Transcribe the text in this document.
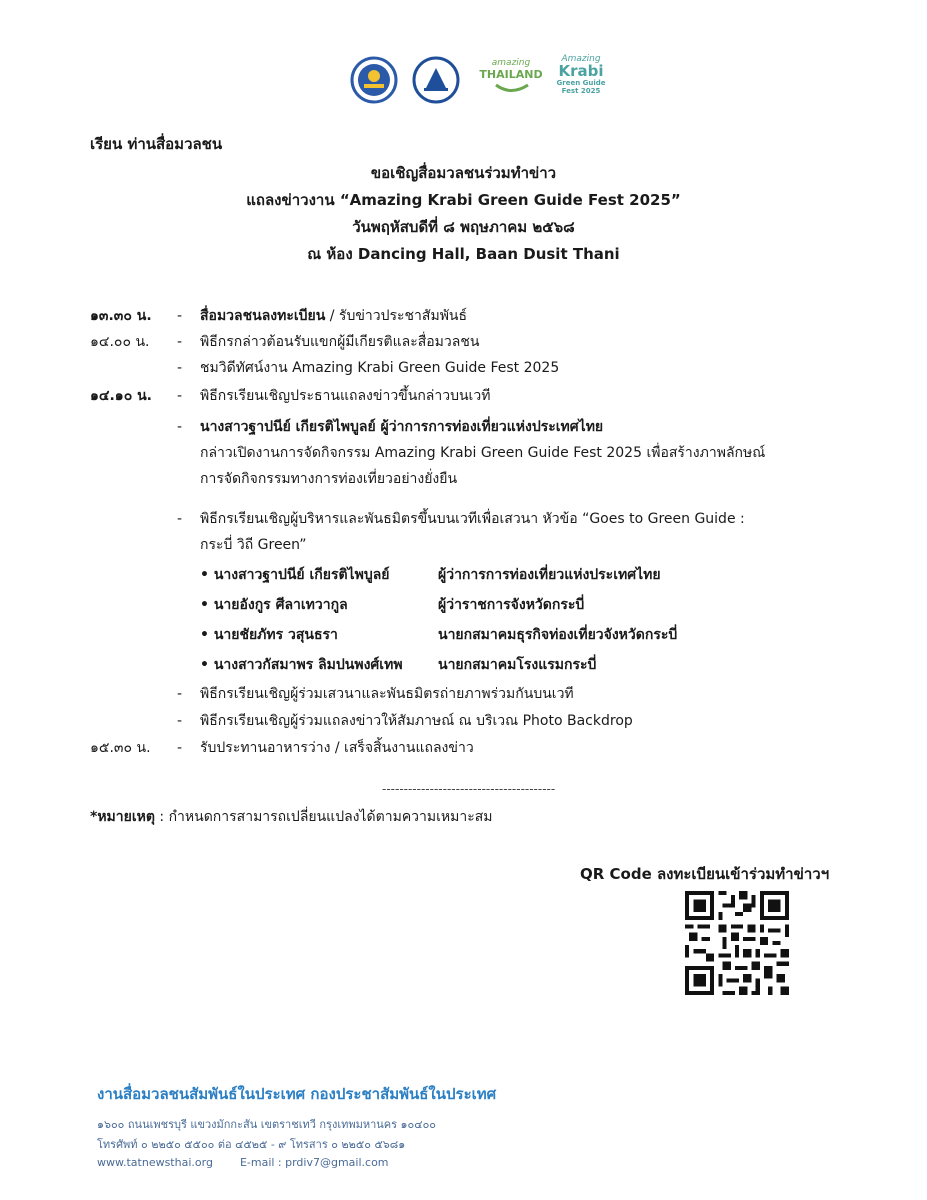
amazing
THAILAND
Amazing
Krabi
Green Guide
Fest 2025
เรียน ท่านสื่อมวลชน
ขอเชิญสื่อมวลชนร่วมทำข่าว
แถลงข่าวงาน “Amazing Krabi Green Guide Fest 2025”
วันพฤหัสบดีที่ ๘ พฤษภาคม ๒๕๖๘
ณ ห้อง Dancing Hall, Baan Dusit Thani
๑๓.๓๐ น. - สื่อมวลชนลงทะเบียน / รับข่าวประชาสัมพันธ์
๑๔.๐๐ น. - พิธีกรกล่าวต้อนรับแขกผู้มีเกียรติและสื่อมวลชน
- ชมวิดีทัศน์งาน Amazing Krabi Green Guide Fest 2025
๑๔.๑๐ น. - พิธีกรเรียนเชิญประธานแถลงข่าวขึ้นกล่าวบนเวที
- นางสาวฐาปนีย์ เกียรติไพบูลย์ ผู้ว่าการการท่องเที่ยวแห่งประเทศไทย
กล่าวเปิดงานการจัดกิจกรรม Amazing Krabi Green Guide Fest 2025 เพื่อสร้างภาพลักษณ์
การจัดกิจกรรมทางการท่องเที่ยวอย่างยั่งยืน
- พิธีกรเรียนเชิญผู้บริหารและพันธมิตรขึ้นบนเวทีเพื่อเสวนา หัวข้อ “Goes to Green Guide :
กระบี่ วิถี Green”
• นางสาวฐาปนีย์ เกียรติไพบูลย์	ผู้ว่าการการท่องเที่ยวแห่งประเทศไทย
• นายอังกูร ศีลาเทวากูล	ผู้ว่าราชการจังหวัดกระบี่
• นายชัยภัทร วสุนธรา	นายกสมาคมธุรกิจท่องเที่ยวจังหวัดกระบี่
• นางสาวกัสมาพร ลิมปนพงศ์เทพ	นายกสมาคมโรงแรมกระบี่
- พิธีกรเรียนเชิญผู้ร่วมเสวนาและพันธมิตรถ่ายภาพร่วมกันบนเวที
- พิธีกรเรียนเชิญผู้ร่วมแถลงข่าวให้สัมภาษณ์ ณ บริเวณ Photo Backdrop
๑๕.๓๐ น. - รับประทานอาหารว่าง / เสร็จสิ้นงานแถลงข่าว
----------------------------------------
*หมายเหตุ : กำหนดการสามารถเปลี่ยนแปลงได้ตามความเหมาะสม
QR Code ลงทะเบียนเข้าร่วมทำข่าวฯ
งานสื่อมวลชนสัมพันธ์ในประเทศ กองประชาสัมพันธ์ในประเทศ
๑๖๐๐ ถนนเพชรบุรี แขวงมักกะสัน เขตราชเทวี กรุงเทพมหานคร ๑๐๔๐๐
โทรศัพท์ ๐ ๒๒๕๐ ๕๕๐๐ ต่อ ๔๕๒๕ - ๙ โทรสาร ๐ ๒๒๕๐ ๕๖๘๑
www.tatnewsthai.org E-mail : prdiv7@gmail.com
